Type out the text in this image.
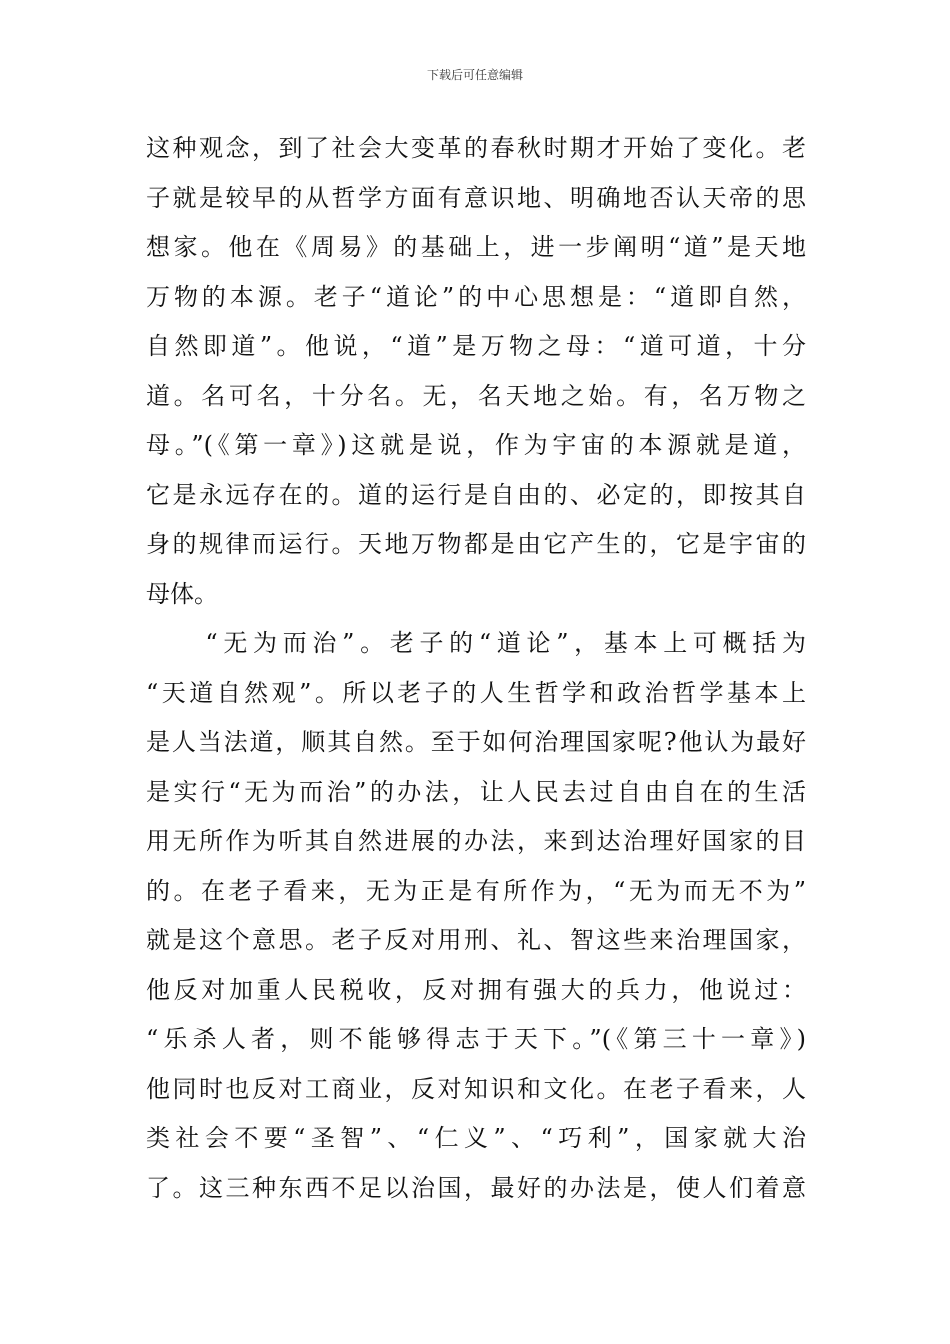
下载后可任意编辑
这种观念，到了社会大变革的春秋时期才开始了变化。老
子就是较早的从哲学方面有意识地、明确地否认天帝的思
想家。他在《周易》的基础上，进一步阐明“道”是天地
万物的本源。老子“道论”的中心思想是：“道即自然，
自然即道”。他说，“道”是万物之母：“道可道，十分
道。名可名，十分名。无，名天地之始。有，名万物之
母。”(《第一章》)这就是说，作为宇宙的本源就是道，
它是永远存在的。道的运行是自由的、必定的，即按其自
身的规律而运行。天地万物都是由它产生的，它是宇宙的
母体。
　　“无为而治”。老子的“道论”，基本上可概括为
“天道自然观”。所以老子的人生哲学和政治哲学基本上
是人当法道，顺其自然。至于如何治理国家呢?他认为最好
是实行“无为而治”的办法，让人民去过自由自在的生活
用无所作为听其自然进展的办法，来到达治理好国家的目
的。在老子看来，无为正是有所作为，“无为而无不为”
就是这个意思。老子反对用刑、礼、智这些来治理国家，
他反对加重人民税收，反对拥有强大的兵力，他说过：
“乐杀人者，则不能够得志于天下。”(《第三十一章》)
他同时也反对工商业，反对知识和文化。在老子看来，人
类社会不要“圣智”、“仁义”、“巧利”，国家就大治
了。这三种东西不足以治国，最好的办法是，使人们着意
